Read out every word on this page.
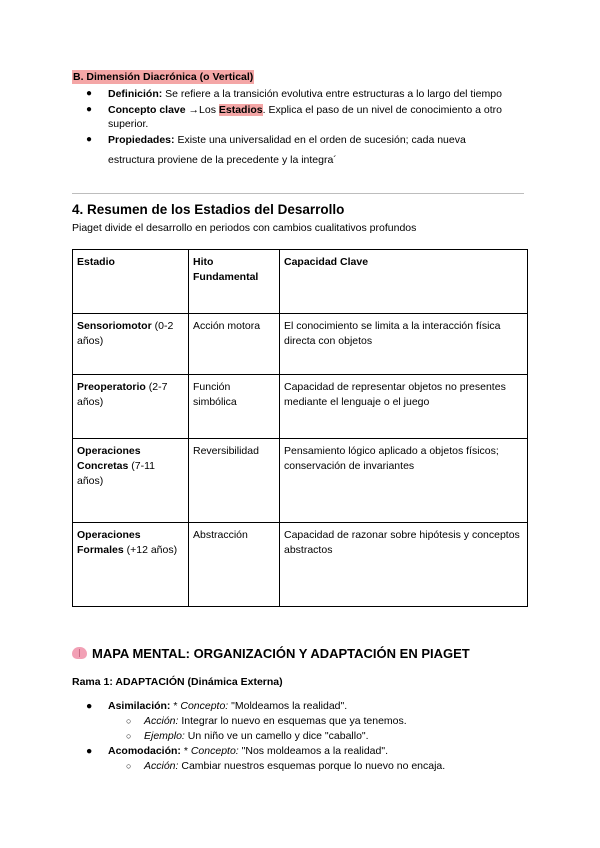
B. Dimensión Diacrónica (o Vertical)
● Definición: Se refiere a la transición evolutiva entre estructuras a lo largo del tiempo
● Concepto clave →Los Estadios. Explica el paso de un nivel de conocimiento a otro superior.
● Propiedades: Existe una universalidad en el orden de sucesión; cada nueva
estructura proviene de la precedente y la integra´
4. Resumen de los Estadios del Desarrollo
Piaget divide el desarrollo en periodos con cambios cualitativos profundos
Estadio	Hito Fundamental	Capacidad Clave
Sensoriomotor (0-2 años)	Acción motora	El conocimiento se limita a la interacción física directa con objetos
Preoperatorio (2-7 años)	Función simbólica	Capacidad de representar objetos no presentes mediante el lenguaje o el juego
Operaciones Concretas (7-11 años)	Reversibilidad	Pensamiento lógico aplicado a objetos físicos; conservación de invariantes
Operaciones Formales (+12 años)	Abstracción	Capacidad de razonar sobre hipótesis y conceptos abstractos
MAPA MENTAL: ORGANIZACIÓN Y ADAPTACIÓN EN PIAGET
Rama 1: ADAPTACIÓN (Dinámica Externa)
● Asimilación: * Concepto: "Moldeamos la realidad".
○ Acción: Integrar lo nuevo en esquemas que ya tenemos.
○ Ejemplo: Un niño ve un camello y dice "caballo".
● Acomodación: * Concepto: "Nos moldeamos a la realidad".
○ Acción: Cambiar nuestros esquemas porque lo nuevo no encaja.
